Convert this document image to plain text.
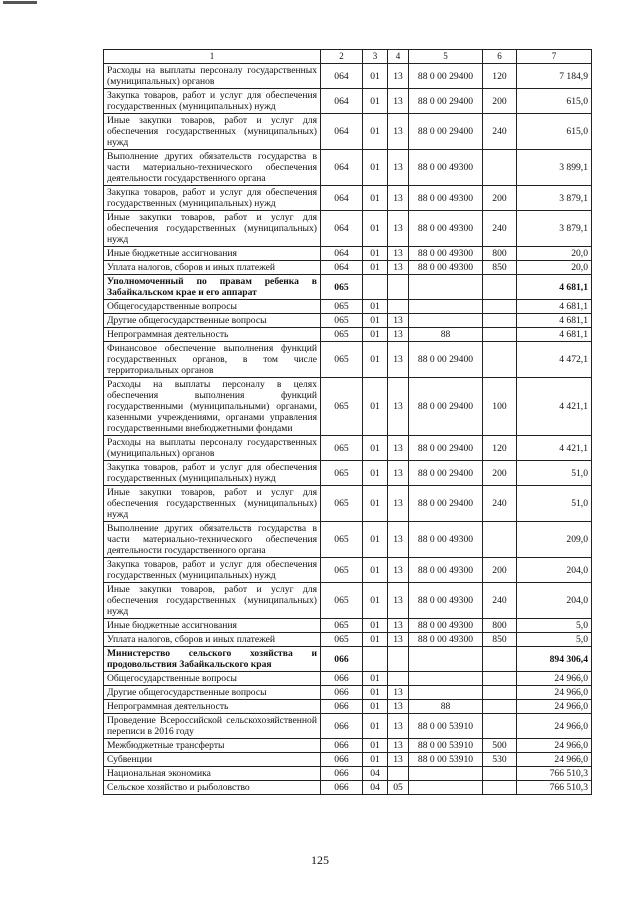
1	2	3	4	5	6	7
Расходы на выплаты персоналу государственных (муниципальных) органов	064	01	13	88 0 00 29400	120	7 184,9
Закупка товаров, работ и услуг для обеспечения государственных (муниципальных) нужд	064	01	13	88 0 00 29400	200	615,0
Иные закупки товаров, работ и услуг для обеспечения государственных (муниципальных) нужд	064	01	13	88 0 00 29400	240	615,0
Выполнение других обязательств государства в части материально-технического обеспечения деятельности государственного органа	064	01	13	88 0 00 49300		3 899,1
Закупка товаров, работ и услуг для обеспечения государственных (муниципальных) нужд	064	01	13	88 0 00 49300	200	3 879,1
Иные закупки товаров, работ и услуг для обеспечения государственных (муниципальных) нужд	064	01	13	88 0 00 49300	240	3 879,1
Иные бюджетные ассигнования	064	01	13	88 0 00 49300	800	20,0
Уплата налогов, сборов и иных платежей	064	01	13	88 0 00 49300	850	20,0
Уполномоченный по правам ребенка в Забайкальском крае и его аппарат	065					4 681,1
Общегосударственные вопросы	065	01				4 681,1
Другие общегосударственные вопросы	065	01	13			4 681,1
Непрограммная деятельность	065	01	13	88		4 681,1
Финансовое обеспечение выполнения функций государственных органов, в том числе территориальных органов	065	01	13	88 0 00 29400		4 472,1
Расходы на выплаты персоналу в целях обеспечения выполнения функций государственными (муниципальными) органами, казенными учреждениями, органами управления государственными внебюджетными фондами	065	01	13	88 0 00 29400	100	4 421,1
Расходы на выплаты персоналу государственных (муниципальных) органов	065	01	13	88 0 00 29400	120	4 421,1
Закупка товаров, работ и услуг для обеспечения государственных (муниципальных) нужд	065	01	13	88 0 00 29400	200	51,0
Иные закупки товаров, работ и услуг для обеспечения государственных (муниципальных) нужд	065	01	13	88 0 00 29400	240	51,0
Выполнение других обязательств государства в части материально-технического обеспечения деятельности государственного органа	065	01	13	88 0 00 49300		209,0
Закупка товаров, работ и услуг для обеспечения государственных (муниципальных) нужд	065	01	13	88 0 00 49300	200	204,0
Иные закупки товаров, работ и услуг для обеспечения государственных (муниципальных) нужд	065	01	13	88 0 00 49300	240	204,0
Иные бюджетные ассигнования	065	01	13	88 0 00 49300	800	5,0
Уплата налогов, сборов и иных платежей	065	01	13	88 0 00 49300	850	5,0
Министерство сельского хозяйства и продовольствия Забайкальского края	066					894 306,4
Общегосударственные вопросы	066	01				24 966,0
Другие общегосударственные вопросы	066	01	13			24 966,0
Непрограммная деятельность	066	01	13	88		24 966,0
Проведение Всероссийской сельскохозяйственной переписи в 2016 году	066	01	13	88 0 00 53910		24 966,0
Межбюджетные трансферты	066	01	13	88 0 00 53910	500	24 966,0
Субвенции	066	01	13	88 0 00 53910	530	24 966,0
Национальная экономика	066	04				766 510,3
Сельское хозяйство и рыболовство	066	04	05			766 510,3
125
